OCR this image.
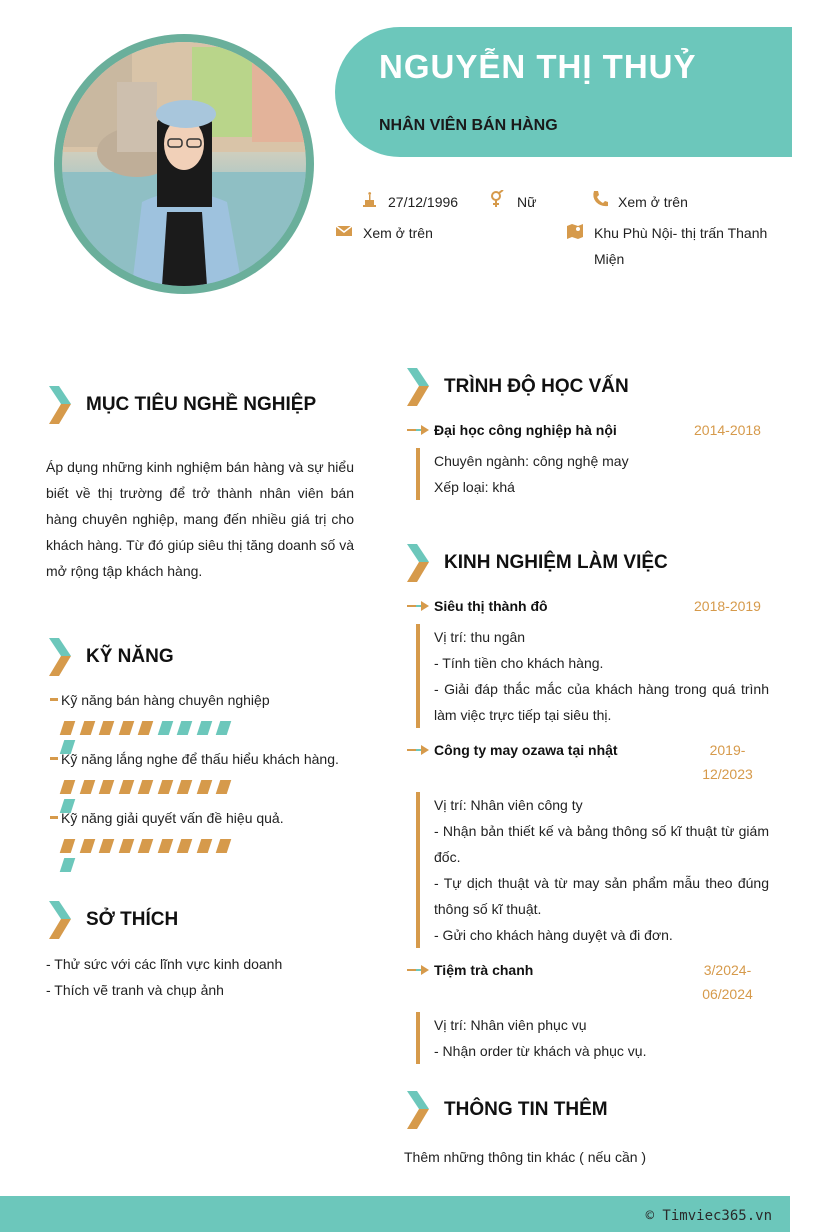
NGUYỄN THỊ THUỶ
NHÂN VIÊN BÁN HÀNG
27/12/1996	Nữ	Xem ở trên
Xem ở trên	Khu Phù Nội- thị trấn Thanh
Miện
MỤC TIÊU NGHỀ NGHIỆP
Áp dụng những kinh nghiệm bán hàng và sự hiểu biết về thị trường để trở thành nhân viên bán hàng chuyên nghiệp, mang đến nhiều giá trị cho khách hàng. Từ đó giúp siêu thị tăng doanh số và mở rộng tập khách hàng.
KỸ NĂNG
Kỹ năng bán hàng chuyên nghiệp
Kỹ năng lắng nghe để thấu hiểu khách hàng.
Kỹ năng giải quyết vấn đề hiệu quả.
SỞ THÍCH
- Thử sức với các lĩnh vực kinh doanh
- Thích vẽ tranh và chụp ảnh
TRÌNH ĐỘ HỌC VẤN
Đại học công nghiệp hà nội	2014-2018
Chuyên ngành: công nghệ may
Xếp loại: khá
KINH NGHIỆM LÀM VIỆC
Siêu thị thành đô	2018-2019
Vị trí: thu ngân
- Tính tiền cho khách hàng.
- Giải đáp thắc mắc của khách hàng trong quá trình làm việc trực tiếp tại siêu thị.
Công ty may ozawa tại nhật	2019-
12/2023
Vị trí: Nhân viên công ty
- Nhận bản thiết kế và bảng thông số kĩ thuật từ giám đốc.
- Tự dịch thuật và từ may sản phẩm mẫu theo đúng thông số kĩ thuật.
- Gửi cho khách hàng duyệt và đi đơn.
Tiệm trà chanh	3/2024-
06/2024
Vị trí: Nhân viên phục vụ
- Nhận order từ khách và phục vụ.
THÔNG TIN THÊM
Thêm những thông tin khác ( nếu cần )
© Timviec365.vn
